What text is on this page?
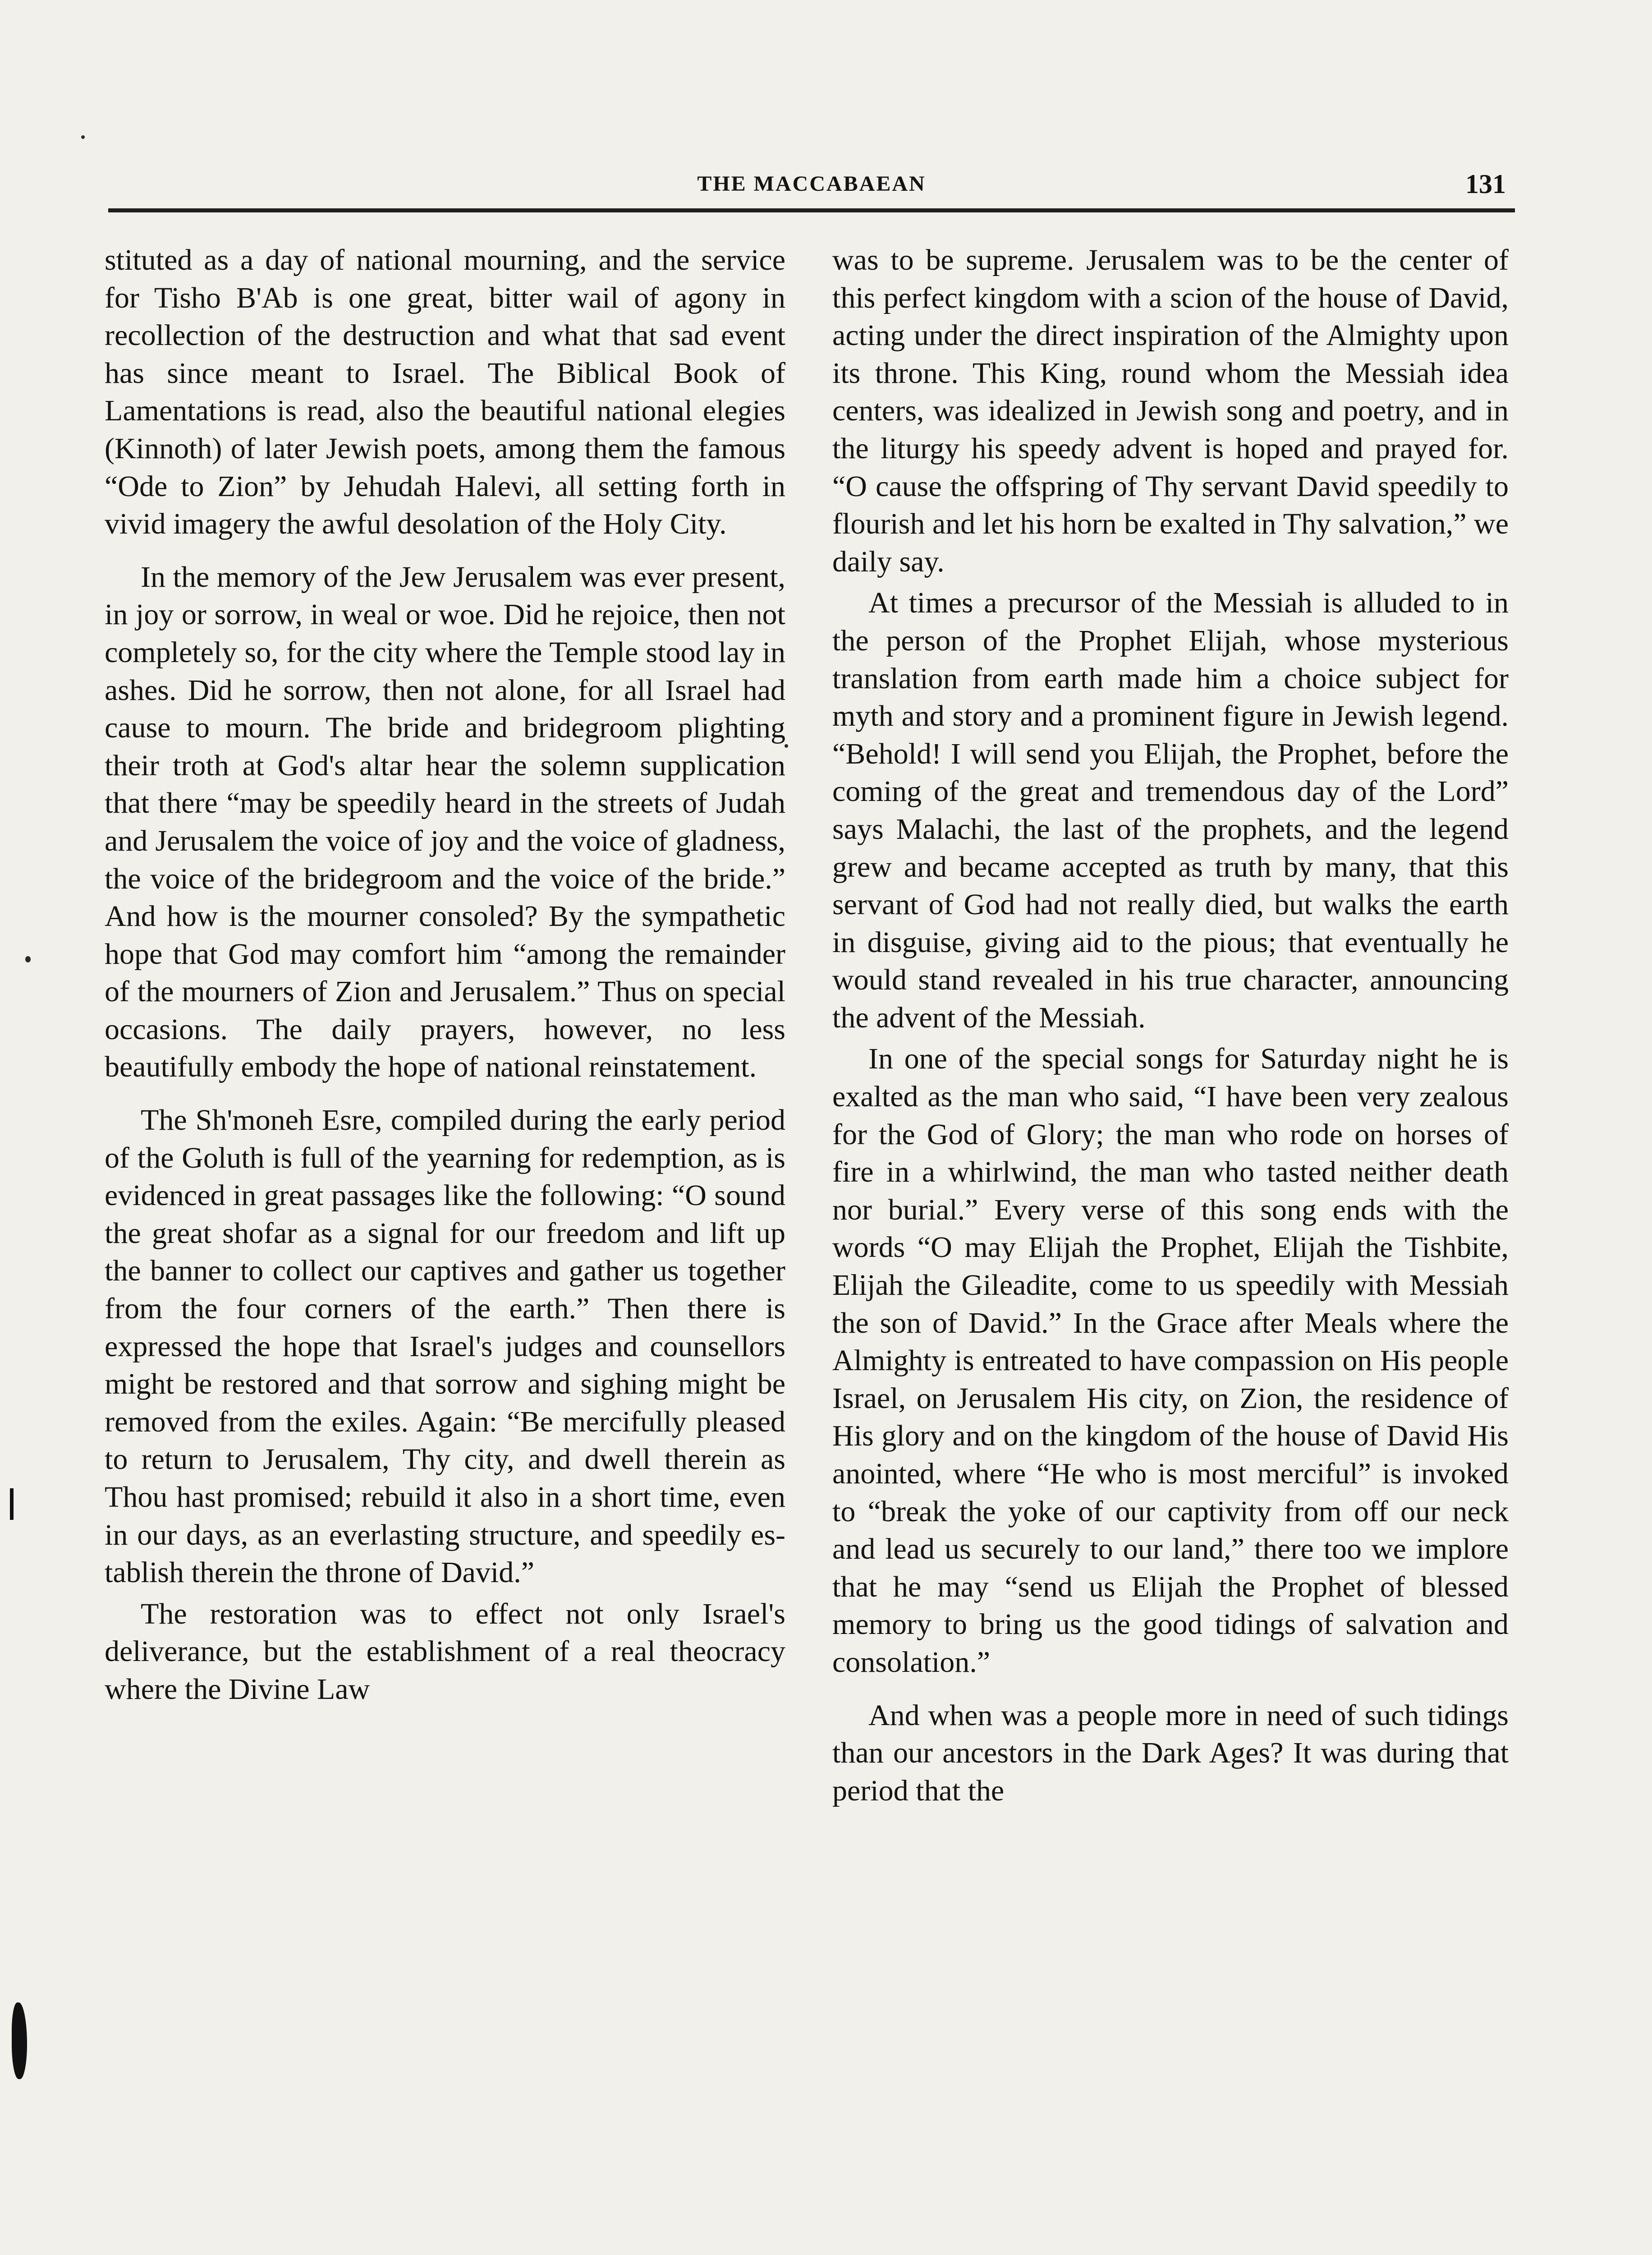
THE MACCABAEAN	131

stituted as a day of national mourning, and the service for Tisho B'Ab is one great, bitter wail of agony in recollection of the destruction and what that sad event has since meant to Israel. The Biblical Book of Lamentations is read, also the beautiful national elegies (Kinnoth) of later Jewish poets, among them the famous “Ode to Zion” by Jehudah Halevi, all setting forth in vivid imagery the awful desolation of the Holy City.

In the memory of the Jew Jerusalem was ever present, in joy or sorrow, in weal or woe. Did he rejoice, then not completely so, for the city where the Temple stood lay in ashes. Did he sorrow, then not alone, for all Israel had cause to mourn. The bride and bridegroom plighting their troth at God's altar hear the solemn supplication that there “may be speedily heard in the streets of Judah and Jerusalem the voice of joy and the voice of gladness, the voice of the bridegroom and the voice of the bride.” And how is the mourner consoled? By the sympathetic hope that God may comfort him “among the remainder of the mourners of Zion and Jerusalem.” Thus on special occasions. The daily prayers, however, no less beautifully embody the hope of national reinstatement.

The Sh'moneh Esre, compiled during the early period of the Goluth is full of the yearning for redemption, as is evidenced in great passages like the following: “O sound the great shofar as a signal for our freedom and lift up the banner to collect our captives and gather us together from the four corners of the earth.” Then there is expressed the hope that Israel's judges and counsellors might be restored and that sorrow and sighing might be removed from the exiles. Again: “Be mercifully pleased to return to Jerusalem, Thy city, and dwell therein as Thou hast promised; rebuild it also in a short time, even in our days, as an everlasting structure, and speedily establish therein the throne of David.”

The restoration was to effect not only Israel's deliverance, but the establishment of a real theocracy where the Divine Law

was to be supreme. Jerusalem was to be the center of this perfect kingdom with a scion of the house of David, acting under the direct inspiration of the Almighty upon its throne. This King, round whom the Messiah idea centers, was idealized in Jewish song and poetry, and in the liturgy his speedy advent is hoped and prayed for. “O cause the offspring of Thy servant David speedily to flourish and let his horn be exalted in Thy salvation,” we daily say.

At times a precursor of the Messiah is alluded to in the person of the Prophet Elijah, whose mysterious translation from earth made him a choice subject for myth and story and a prominent figure in Jewish legend. “Behold! I will send you Elijah, the Prophet, before the coming of the great and tremendous day of the Lord” says Malachi, the last of the prophets, and the legend grew and became accepted as truth by many, that this servant of God had not really died, but walks the earth in disguise, giving aid to the pious; that eventually he would stand revealed in his true character, announcing the advent of the Messiah.

In one of the special songs for Saturday night he is exalted as the man who said, “I have been very zealous for the God of Glory; the man who rode on horses of fire in a whirlwind, the man who tasted neither death nor burial.” Every verse of this song ends with the words “O may Elijah the Prophet, Elijah the Tishbite, Elijah the Gileadite, come to us speedily with Messiah the son of David.” In the Grace after Meals where the Almighty is entreated to have compassion on His people Israel, on Jerusalem His city, on Zion, the residence of His glory and on the kingdom of the house of David His anointed, where “He who is most merciful” is invoked to “break the yoke of our captivity from off our neck and lead us securely to our land,” there too we implore that he may “send us Elijah the Prophet of blessed memory to bring us the good tidings of salvation and consolation.”

And when was a people more in need of such tidings than our ancestors in the Dark Ages? It was during that period that the
